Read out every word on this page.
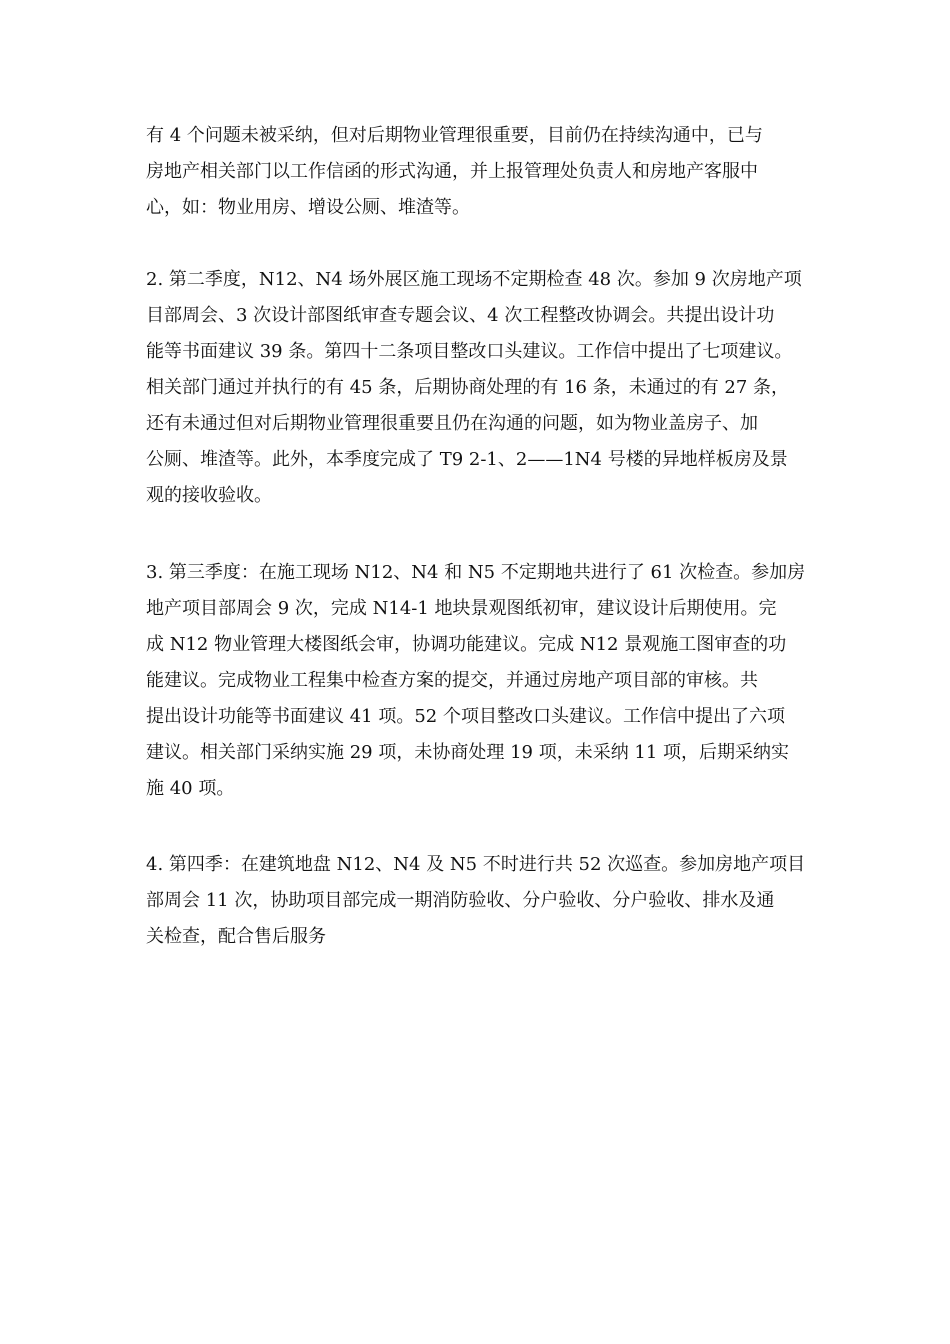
有 4 个问题未被采纳，但对后期物业管理很重要，目前仍在持续沟通中，已与
房地产相关部门以工作信函的形式沟通，并上报管理处负责人和房地产客服中
心，如：物业用房、增设公厕、堆渣等。
2. 第二季度，N12、N4 场外展区施工现场不定期检查 48 次。参加 9 次房地产项
目部周会、3 次设计部图纸审查专题会议、4 次工程整改协调会。共提出设计功
能等书面建议 39 条。第四十二条项目整改口头建议。工作信中提出了七项建议。
相关部门通过并执行的有 45 条，后期协商处理的有 16 条，未通过的有 27 条，
还有未通过但对后期物业管理很重要且仍在沟通的问题，如为物业盖房子、加
公厕、堆渣等。此外，本季度完成了 T9 2-1、2——1N4 号楼的异地样板房及景
观的接收验收。
3. 第三季度：在施工现场 N12、N4 和 N5 不定期地共进行了 61 次检查。参加房
地产项目部周会 9 次，完成 N14-1 地块景观图纸初审，建议设计后期使用。完
成 N12 物业管理大楼图纸会审，协调功能建议。完成 N12 景观施工图审查的功
能建议。完成物业工程集中检查方案的提交，并通过房地产项目部的审核。共
提出设计功能等书面建议 41 项。52 个项目整改口头建议。工作信中提出了六项
建议。相关部门采纳实施 29 项，未协商处理 19 项，未采纳 11 项，后期采纳实
施 40 项。
4. 第四季：在建筑地盘 N12、N4 及 N5 不时进行共 52 次巡查。参加房地产项目
部周会 11 次，协助项目部完成一期消防验收、分户验收、分户验收、排水及通
关检查，配合售后服务
